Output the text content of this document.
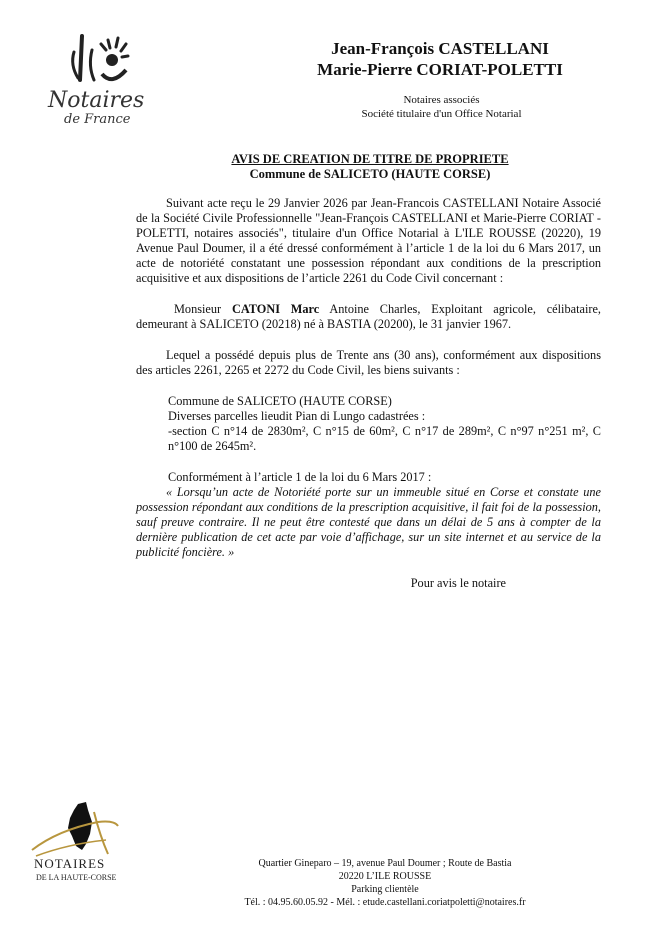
Notaires
de France
Jean-François CASTELLANI
Marie-Pierre CORIAT-POLETTI
Notaires associés
Société titulaire d'un Office Notarial
AVIS DE CREATION DE TITRE DE PROPRIETE
Commune de SALICETO (HAUTE CORSE)

Suivant acte reçu le 29 Janvier 2026 par Jean-Francois CASTELLANI Notaire Associé de la Société Civile Professionnelle "Jean-François CASTELLANI et Marie-Pierre CORIAT - POLETTI, notaires associés", titulaire d'un Office Notarial à L'ILE ROUSSE (20220), 19 Avenue Paul Doumer, il a été dressé conformément à l’article 1 de la loi du 6 Mars 2017, un acte de notoriété constatant une possession répondant aux conditions de la prescription acquisitive et aux dispositions de l’article 2261 du Code Civil concernant :

Monsieur CATONI Marc Antoine Charles, Exploitant agricole, célibataire, demeurant à SALICETO (20218) né à BASTIA (20200), le 31 janvier 1967.

Lequel a possédé depuis plus de Trente ans (30 ans), conformément aux dispositions des articles 2261, 2265 et 2272 du Code Civil, les biens suivants :

Commune de SALICETO (HAUTE CORSE)
Diverses parcelles lieudit Pian di Lungo cadastrées :
-section C n°14 de 2830m², C n°15 de 60m², C n°17 de 289m², C n°97 n°251 m², C n°100 de 2645m².

Conformément à l’article 1 de la loi du 6 Mars 2017 :

« Lorsqu’un acte de Notoriété porte sur un immeuble situé en Corse et constate une possession répondant aux conditions de la prescription acquisitive, il fait foi de la possession, sauf preuve contraire. Il ne peut être contesté que dans un délai de 5 ans à compter de la dernière publication de cet acte par voie d’affichage, sur un site internet et au service de la publicité foncière. »

Pour avis le notaire

NOTAIRES
DE LA HAUTE-CORSE
Quartier Gineparo – 19, avenue Paul Doumer ; Route de Bastia
20220 L’ILE ROUSSE
Parking clientèle
Tél. : 04.95.60.05.92 - Mél. : etude.castellani.coriatpoletti@notaires.fr
